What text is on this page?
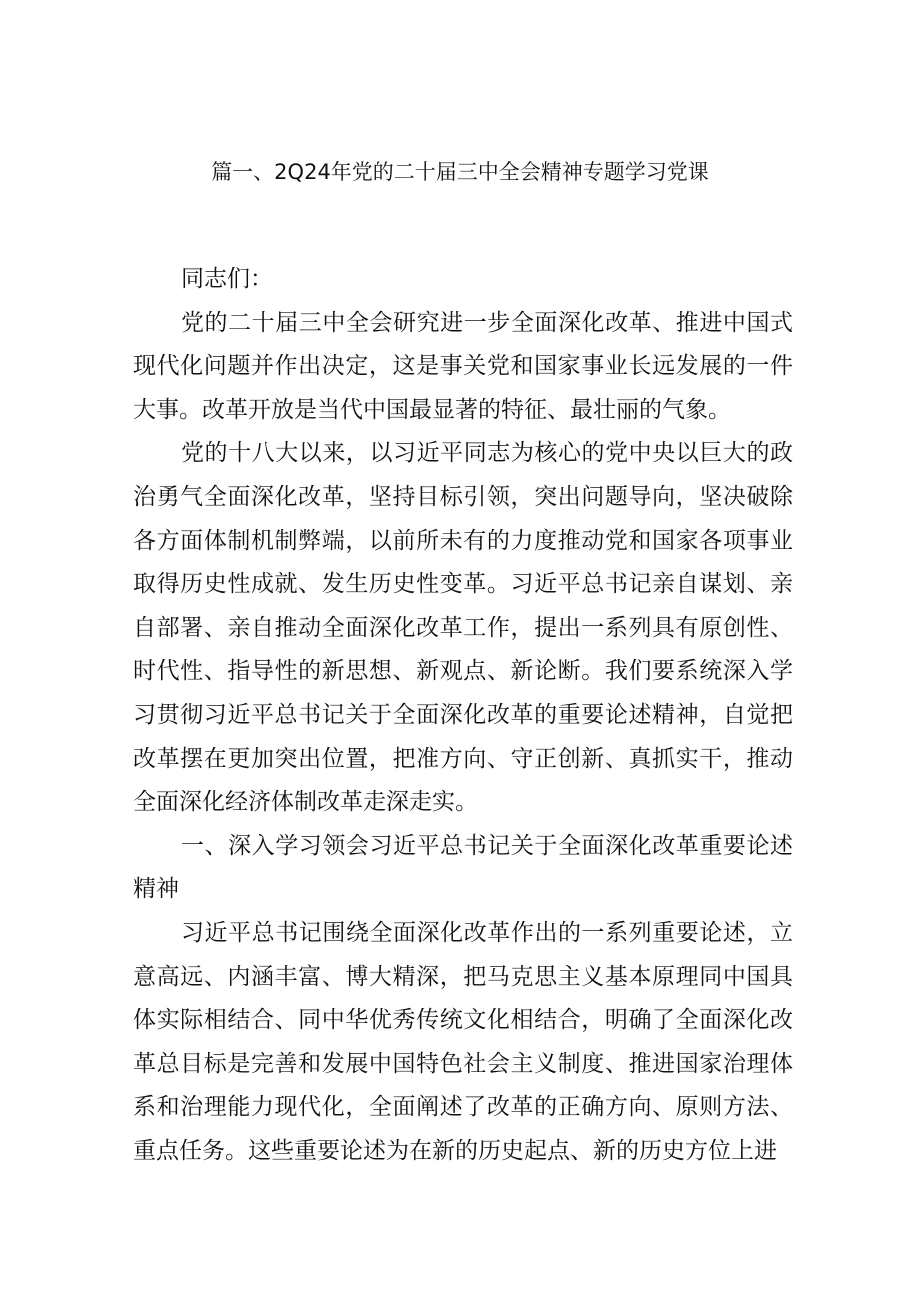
篇一、2Q24年党的二十届三中全会精神专题学习党课

同志们：

党的二十届三中全会研究进一步全面深化改革、推进中国式现代化问题并作出决定，这是事关党和国家事业长远发展的一件大事。改革开放是当代中国最显著的特征、最壮丽的气象。

党的十八大以来，以习近平同志为核心的党中央以巨大的政治勇气全面深化改革，坚持目标引领，突出问题导向，坚决破除各方面体制机制弊端，以前所未有的力度推动党和国家各项事业取得历史性成就、发生历史性变革。习近平总书记亲自谋划、亲自部署、亲自推动全面深化改革工作，提出一系列具有原创性、时代性、指导性的新思想、新观点、新论断。我们要系统深入学习贯彻习近平总书记关于全面深化改革的重要论述精神，自觉把改革摆在更加突出位置，把准方向、守正创新、真抓实干，推动全面深化经济体制改革走深走实。

一、深入学习领会习近平总书记关于全面深化改革重要论述精神

习近平总书记围绕全面深化改革作出的一系列重要论述，立意高远、内涵丰富、博大精深，把马克思主义基本原理同中国具体实际相结合、同中华优秀传统文化相结合，明确了全面深化改革总目标是完善和发展中国特色社会主义制度、推进国家治理体系和治理能力现代化，全面阐述了改革的正确方向、原则方法、重点任务。这些重要论述为在新的历史起点、新的历史方位上进
